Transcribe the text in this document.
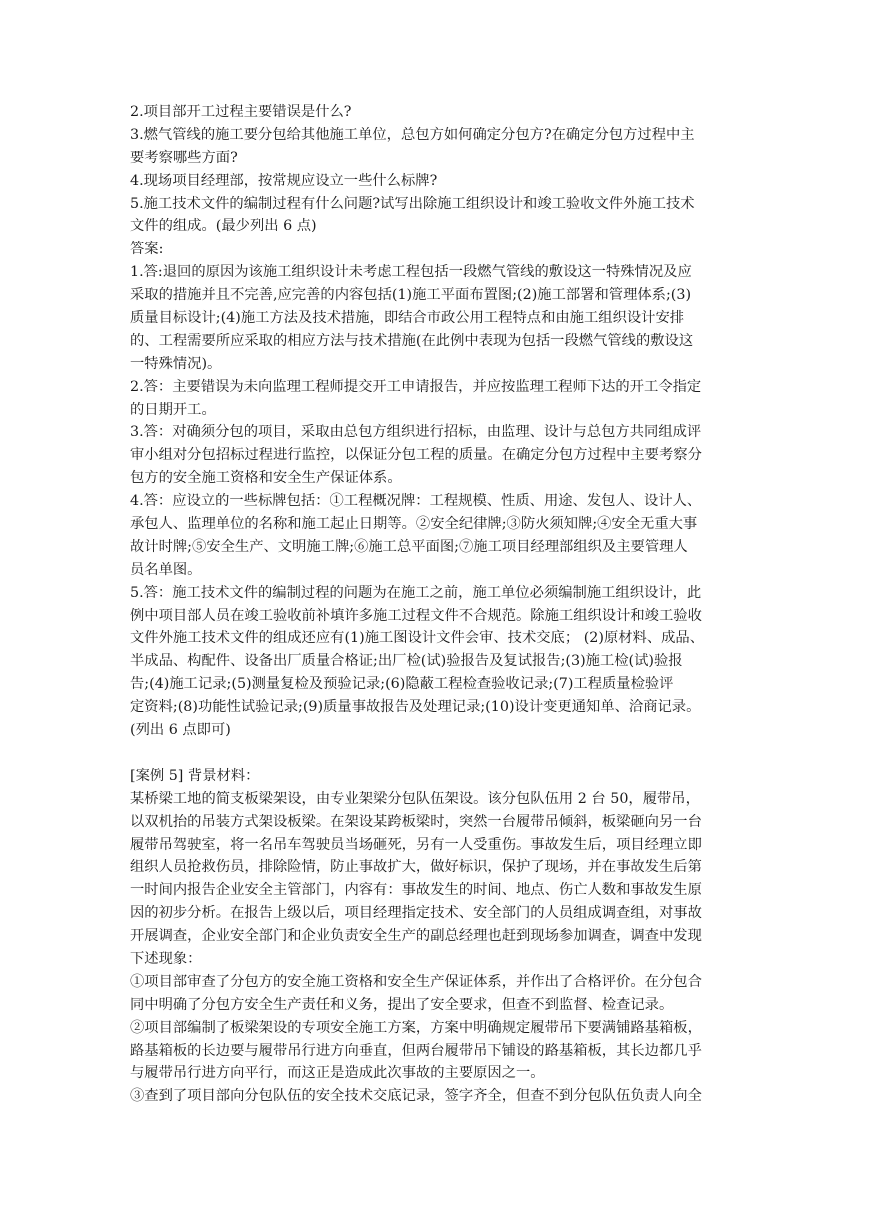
2.项目部开工过程主要错误是什么?
3.燃气管线的施工要分包给其他施工单位，总包方如何确定分包方?在确定分包方过程中主
要考察哪些方面?
4.现场项目经理部，按常规应设立一些什么标牌?
5.施工技术文件的编制过程有什么问题?试写出除施工组织设计和竣工验收文件外施工技术
文件的组成。(最少列出 6 点)
答案:
1.答:退回的原因为该施工组织设计未考虑工程包括一段燃气管线的敷设这一特殊情况及应
采取的措施并且不完善,应完善的内容包括(1)施工平面布置图;(2)施工部署和管理体系;(3)
质量目标设计;(4)施工方法及技术措施，即结合市政公用工程特点和由施工组织设计安排
的、工程需要所应采取的相应方法与技术措施(在此例中表现为包括一段燃气管线的敷设这
一特殊情况)。
2.答：主要错误为未向监理工程师提交开工申请报告，并应按监理工程师下达的开工令指定
的日期开工。
3.答：对确须分包的项目，采取由总包方组织进行招标，由监理、设计与总包方共同组成评
审小组对分包招标过程进行监控，以保证分包工程的质量。在确定分包方过程中主要考察分
包方的安全施工资格和安全生产保证体系。
4.答：应设立的一些标牌包括：①工程概况牌：工程规模、性质、用途、发包人、设计人、
承包人、监理单位的名称和施工起止日期等。②安全纪律牌;③防火须知牌;④安全无重大事
故计时牌;⑤安全生产、文明施工牌;⑥施工总平面图;⑦施工项目经理部组织及主要管理人
员名单图。
5.答：施工技术文件的编制过程的问题为在施工之前，施工单位必须编制施工组织设计，此
例中项目部人员在竣工验收前补填许多施工过程文件不合规范。除施工组织设计和竣工验收
文件外施工技术文件的组成还应有(1)施工图设计文件会审、技术交底； (2)原材料、成品、
半成品、构配件、设备出厂质量合格证;出厂检(试)验报告及复试报告;(3)施工检(试)验报
告;(4)施工记录;(5)测量复检及预验记录;(6)隐蔽工程检查验收记录;(7)工程质量检验评
定资料;(8)功能性试验记录;(9)质量事故报告及处理记录;(10)设计变更通知单、洽商记录。
(列出 6 点即可)
[案例 5] 背景材料：
某桥梁工地的简支板梁架设，由专业架梁分包队伍架设。该分包队伍用 2 台 50，履带吊，
以双机抬的吊装方式架设板梁。在架设某跨板梁时，突然一台履带吊倾斜，板梁砸向另一台
履带吊驾驶室，将一名吊车驾驶员当场砸死，另有一人受重伤。事故发生后，项目经理立即
组织人员抢救伤员，排除险情，防止事故扩大，做好标识，保护了现场，并在事故发生后第
一时间内报告企业安全主管部门，内容有：事故发生的时间、地点、伤亡人数和事故发生原
因的初步分析。在报告上级以后，项目经理指定技术、安全部门的人员组成调查组，对事故
开展调查，企业安全部门和企业负责安全生产的副总经理也赶到现场参加调查，调查中发现
下述现象：
①项目部审查了分包方的安全施工资格和安全生产保证体系，并作出了合格评价。在分包合
同中明确了分包方安全生产责任和义务，提出了安全要求，但查不到监督、检查记录。
②项目部编制了板梁架设的专项安全施工方案，方案中明确规定履带吊下要满铺路基箱板，
路基箱板的长边要与履带吊行进方向垂直，但两台履带吊下铺设的路基箱板，其长边都几乎
与履带吊行进方向平行，而这正是造成此次事故的主要原因之一。
③查到了项目部向分包队伍的安全技术交底记录，签字齐全，但查不到分包队伍负责人向全
